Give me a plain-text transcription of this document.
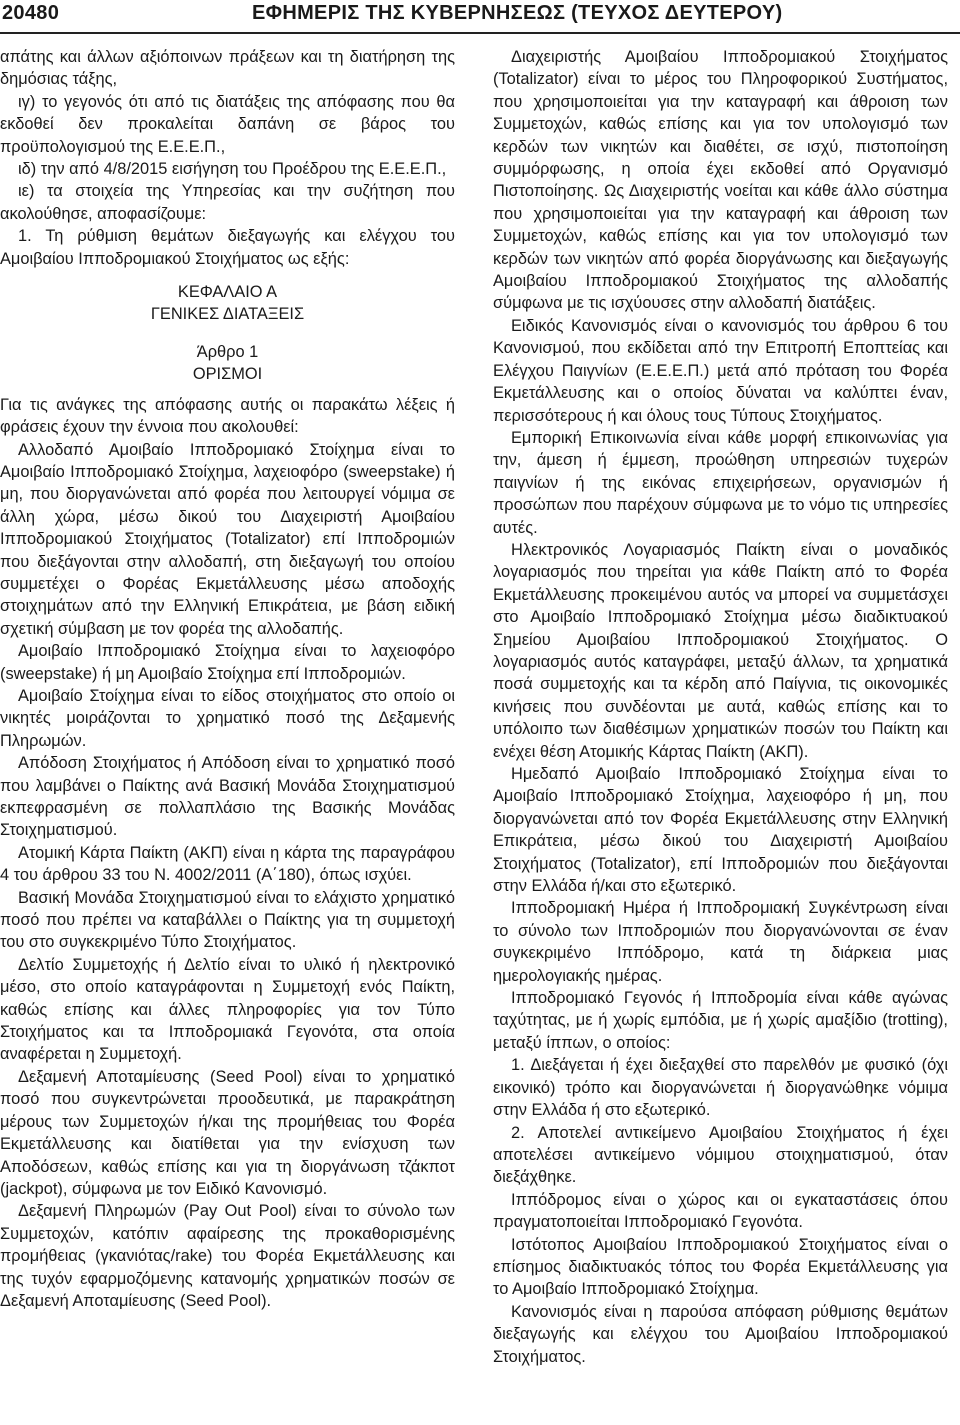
20480	ΕΦΗΜΕΡΙΣ ΤΗΣ ΚΥΒΕΡΝΗΣΕΩΣ (ΤΕΥΧΟΣ ΔΕΥΤΕΡΟΥ)

απάτης και άλλων αξιόποινων πράξεων και τη διατήρηση της δημόσιας τάξης,

ιγ) το γεγονός ότι από τις διατάξεις της απόφασης που θα εκδοθεί δεν προκαλείται δαπάνη σε βάρος του προϋπολογισμού της Ε.Ε.Ε.Π.,

ιδ) την από 4/8/2015 εισήγηση του Προέδρου της Ε.Ε.Ε.Π.,

ιε) τα στοιχεία της Υπηρεσίας και την συζήτηση που ακολούθησε, αποφασίζουμε:

1. Τη ρύθμιση θεμάτων διεξαγωγής και ελέγχου του Αμοιβαίου Ιπποδρομιακού Στοιχήματος ως εξής:

ΚΕΦΑΛΑΙΟ Α

ΓΕΝΙΚΕΣ ΔΙΑΤΑΞΕΙΣ

Άρθρο 1

ΟΡΙΣΜΟΙ

Για τις ανάγκες της απόφασης αυτής οι παρακάτω λέξεις ή φράσεις έχουν την έννοια που ακολουθεί:

Αλλοδαπό Αμοιβαίο Ιπποδρομιακό Στοίχημα είναι το Αμοιβαίο Ιπποδρομιακό Στοίχημα, λαχειοφόρο (sweepstake) ή μη, που διοργανώνεται από φορέα που λειτουργεί νόμιμα σε άλλη χώρα, μέσω δικού του Διαχειριστή Αμοιβαίου Ιπποδρομιακού Στοιχήματος (Totalizator) επί Ιπποδρομιών που διεξάγονται στην αλλοδαπή, στη διεξαγωγή του οποίου συμμετέχει ο Φορέας Εκμετάλλευσης μέσω αποδοχής στοιχημάτων από την Ελληνική Επικράτεια, με βάση ειδική σχετική σύμβαση με τον φορέα της αλλοδαπής.

Αμοιβαίο Ιπποδρομιακό Στοίχημα είναι το λαχειοφόρο (sweepstake) ή μη Αμοιβαίο Στοίχημα επί Ιπποδρομιών.

Αμοιβαίο Στοίχημα είναι το είδος στοιχήματος στο οποίο οι νικητές μοιράζονται το χρηματικό ποσό της Δεξαμενής Πληρωμών.

Απόδοση Στοιχήματος ή Απόδοση είναι το χρηματικό ποσό που λαμβάνει ο Παίκτης ανά Βασική Μονάδα Στοιχηματισμού εκπεφρασμένη σε πολλαπλάσιο της Βασικής Μονάδας Στοιχηματισμού.

Ατομική Κάρτα Παίκτη (ΑΚΠ) είναι η κάρτα της παραγράφου 4 του άρθρου 33 του Ν. 4002/2011 (Α΄180), όπως ισχύει.

Βασική Μονάδα Στοιχηματισμού είναι το ελάχιστο χρηματικό ποσό που πρέπει να καταβάλλει ο Παίκτης για τη συμμετοχή του στο συγκεκριμένο Τύπο Στοιχήματος.

Δελτίο Συμμετοχής ή Δελτίο είναι το υλικό ή ηλεκτρονικό μέσο, στο οποίο καταγράφονται η Συμμετοχή ενός Παίκτη, καθώς επίσης και άλλες πληροφορίες για τον Τύπο Στοιχήματος και τα Ιπποδρομιακά Γεγονότα, στα οποία αναφέρεται η Συμμετοχή.

Δεξαμενή Αποταμίευσης (Seed Pool) είναι το χρηματικό ποσό που συγκεντρώνεται προοδευτικά, με παρακράτηση μέρους των Συμμετοχών ή/και της προμήθειας του Φορέα Εκμετάλλευσης και διατίθεται για την ενίσχυση των Αποδόσεων, καθώς επίσης και για τη διοργάνωση τζάκποτ (jackpot), σύμφωνα με τον Ειδικό Κανονισμό.

Δεξαμενή Πληρωμών (Pay Out Pool) είναι το σύνολο των Συμμετοχών, κατόπιν αφαίρεσης της προκαθορισμένης προμήθειας (γκανιότας/rake) του Φορέα Εκμετάλλευσης και της τυχόν εφαρμοζόμενης κατανομής χρηματικών ποσών σε Δεξαμενή Αποταμίευσης (Seed Pool).

Διαχειριστής Αμοιβαίου Ιπποδρομιακού Στοιχήματος (Totalizator) είναι το μέρος του Πληροφορικού Συστήματος, που χρησιμοποιείται για την καταγραφή και άθροιση των Συμμετοχών, καθώς επίσης και για τον υπολογισμό των κερδών των νικητών και διαθέτει, σε ισχύ, πιστοποίηση συμμόρφωσης, η οποία έχει εκδοθεί από Οργανισμό Πιστοποίησης. Ως Διαχειριστής νοείται και κάθε άλλο σύστημα που χρησιμοποιείται για την καταγραφή και άθροιση των Συμμετοχών, καθώς επίσης και για τον υπολογισμό των κερδών των νικητών από φορέα διοργάνωσης και διεξαγωγής Αμοιβαίου Ιπποδρομιακού Στοιχήματος της αλλοδαπής σύμφωνα με τις ισχύουσες στην αλλοδαπή διατάξεις.

Ειδικός Κανονισμός είναι ο κανονισμός του άρθρου 6 του Κανονισμού, που εκδίδεται από την Επιτροπή Εποπτείας και Ελέγχου Παιγνίων (Ε.Ε.Ε.Π.) μετά από πρόταση του Φορέα Εκμετάλλευσης και ο οποίος δύναται να καλύπτει έναν, περισσότερους ή και όλους τους Τύπους Στοιχήματος.

Εμπορική Επικοινωνία είναι κάθε μορφή επικοινωνίας για την, άμεση ή έμμεση, προώθηση υπηρεσιών τυχερών παιγνίων ή της εικόνας επιχειρήσεων, οργανισμών ή προσώπων που παρέχουν σύμφωνα με το νόμο τις υπηρεσίες αυτές.

Ηλεκτρονικός Λογαριασμός Παίκτη είναι ο μοναδικός λογαριασμός που τηρείται για κάθε Παίκτη από το Φορέα Εκμετάλλευσης προκειμένου αυτός να μπορεί να συμμετάσχει στο Αμοιβαίο Ιπποδρομιακό Στοίχημα μέσω διαδικτυακού Σημείου Αμοιβαίου Ιπποδρομιακού Στοιχήματος. Ο λογαριασμός αυτός καταγράφει, μεταξύ άλλων, τα χρηματικά ποσά συμμετοχής και τα κέρδη από Παίγνια, τις οικονομικές κινήσεις που συνδέονται με αυτά, καθώς επίσης και το υπόλοιπο των διαθέσιμων χρηματικών ποσών του Παίκτη και ενέχει θέση Ατομικής Κάρτας Παίκτη (ΑΚΠ).

Ημεδαπό Αμοιβαίο Ιπποδρομιακό Στοίχημα είναι το Αμοιβαίο Ιπποδρομιακό Στοίχημα, λαχειοφόρο ή μη, που διοργανώνεται από τον Φορέα Εκμετάλλευσης στην Ελληνική Επικράτεια, μέσω δικού του Διαχειριστή Αμοιβαίου Στοιχήματος (Totalizator), επί Ιπποδρομιών που διεξάγονται στην Ελλάδα ή/και στο εξωτερικό.

Ιπποδρομιακή Ημέρα ή Ιπποδρομιακή Συγκέντρωση είναι το σύνολο των Ιπποδρομιών που διοργανώνονται σε έναν συγκεκριμένο Ιππόδρομο, κατά τη διάρκεια μιας ημερολογιακής ημέρας.

Ιπποδρομιακό Γεγονός ή Ιπποδρομία είναι κάθε αγώνας ταχύτητας, με ή χωρίς εμπόδια, με ή χωρίς αμαξίδιο (trotting), μεταξύ ίππων, ο οποίος:

1. Διεξάγεται ή έχει διεξαχθεί στο παρελθόν με φυσικό (όχι εικονικό) τρόπο και διοργανώνεται ή διοργανώθηκε νόμιμα στην Ελλάδα ή στο εξωτερικό.

2. Αποτελεί αντικείμενο Αμοιβαίου Στοιχήματος ή έχει αποτελέσει αντικείμενο νόμιμου στοιχηματισμού, όταν διεξάχθηκε.

Ιππόδρομος είναι ο χώρος και οι εγκαταστάσεις όπου πραγματοποιείται Ιπποδρομιακό Γεγονότα.

Ιστότοπος Αμοιβαίου Ιπποδρομιακού Στοιχήματος είναι ο επίσημος διαδικτυακός τόπος του Φορέα Εκμετάλλευσης για το Αμοιβαίο Ιπποδρομιακό Στοίχημα.

Κανονισμός είναι η παρούσα απόφαση ρύθμισης θεμάτων διεξαγωγής και ελέγχου του Αμοιβαίου Ιπποδρομιακού Στοιχήματος.
